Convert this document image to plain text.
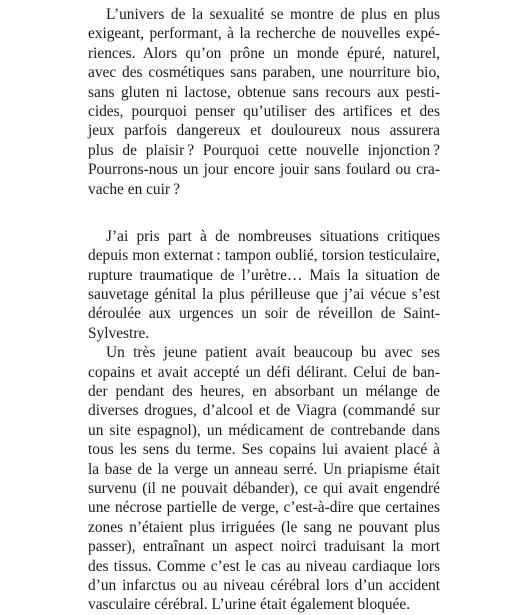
L’univers de la sexualité se montre de plus en plus
exigeant, performant, à la recherche de nouvelles expé-
riences. Alors qu’on prône un monde épuré, naturel,
avec des cosmétiques sans paraben, une nourriture bio,
sans gluten ni lactose, obtenue sans recours aux pesti-
cides, pourquoi penser qu’utiliser des artifices et des
jeux parfois dangereux et douloureux nous assurera
plus de plaisir ? Pourquoi cette nouvelle injonction ?
Pourrons-nous un jour encore jouir sans foulard ou cra-
vache en cuir ?
J’ai pris part à de nombreuses situations critiques
depuis mon externat : tampon oublié, torsion testiculaire,
rupture traumatique de l’urètre… Mais la situation de
sauvetage génital la plus périlleuse que j’ai vécue s’est
déroulée aux urgences un soir de réveillon de Saint-
Sylvestre.
Un très jeune patient avait beaucoup bu avec ses
copains et avait accepté un défi délirant. Celui de ban-
der pendant des heures, en absorbant un mélange de
diverses drogues, d’alcool et de Viagra (commandé sur
un site espagnol), un médicament de contrebande dans
tous les sens du terme. Ses copains lui avaient placé à
la base de la verge un anneau serré. Un priapisme était
survenu (il ne pouvait débander), ce qui avait engendré
une nécrose partielle de verge, c’est-à-dire que certaines
zones n’étaient plus irriguées (le sang ne pouvant plus
passer), entraînant un aspect noirci traduisant la mort
des tissus. Comme c’est le cas au niveau cardiaque lors
d’un infarctus ou au niveau cérébral lors d’un accident
vasculaire cérébral. L’urine était également bloquée.
